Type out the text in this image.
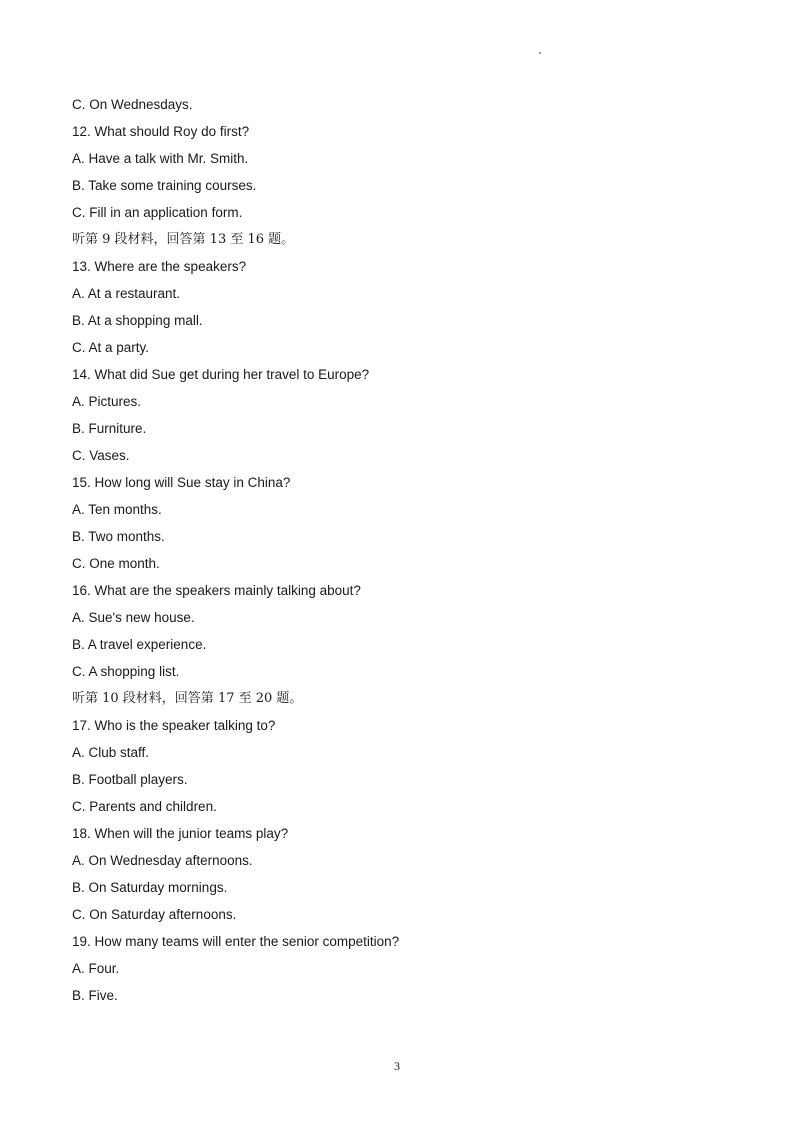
C. On Wednesdays.
12. What should Roy do first?
A. Have a talk with Mr. Smith.
B. Take some training courses.
C. Fill in an application form.
听第 9 段材料，回答第 13 至 16 题。
13. Where are the speakers?
A. At a restaurant.
B. At a shopping mall.
C. At a party.
14. What did Sue get during her travel to Europe?
A. Pictures.
B. Furniture.
C. Vases.
15. How long will Sue stay in China?
A. Ten months.
B. Two months.
C. One month.
16. What are the speakers mainly talking about?
A. Sue's new house.
B. A travel experience.
C. A shopping list.
听第 10 段材料，回答第 17 至 20 题。
17. Who is the speaker talking to?
A. Club staff.
B. Football players.
C. Parents and children.
18. When will the junior teams play?
A. On Wednesday afternoons.
B. On Saturday mornings.
C. On Saturday afternoons.
19. How many teams will enter the senior competition?
A. Four.
B. Five.
3
